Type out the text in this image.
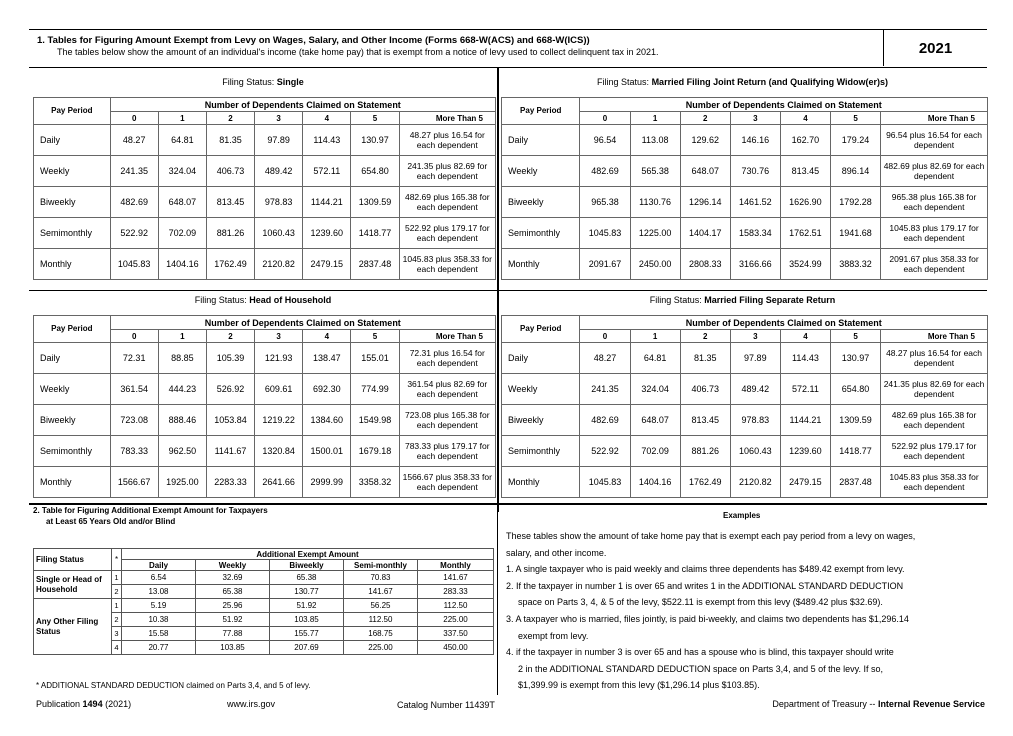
1. Tables for Figuring Amount Exempt from Levy on Wages, Salary, and Other Income (Forms 668-W(ACS) and 668-W(ICS))
The tables below show the amount of an individual's income (take home pay) that is exempt from a notice of levy used to collect delinquent tax in 2021.	2021
Filing Status: Single	Filing Status: Married Filing Joint Return (and Qualifying Widow(er)s)
Filing Status: Head of Household	Filing Status: Married Filing Separate Return
Pay Period	Number of Dependents Claimed on Statement						
	0	1	2	3	4	5	More Than 5
Daily	48.27	64.81	81.35	97.89	114.43	130.97	48.27 plus 16.54 for each dependent
Weekly	241.35	324.04	406.73	489.42	572.11	654.80	241.35 plus 82.69 for each dependent
Biweekly	482.69	648.07	813.45	978.83	1144.21	1309.59	482.69 plus 165.38 for each dependent
Semimonthly	522.92	702.09	881.26	1060.43	1239.60	1418.77	522.92 plus 179.17 for each dependent
Monthly	1045.83	1404.16	1762.49	2120.82	2479.15	2837.48	1045.83 plus 358.33 for each dependent
Pay Period	Number of Dependents Claimed on Statement						
	0	1	2	3	4	5	More Than 5
Daily	96.54	113.08	129.62	146.16	162.70	179.24	96.54 plus 16.54 for each dependent
Weekly	482.69	565.38	648.07	730.76	813.45	896.14	482.69 plus 82.69 for each dependent
Biweekly	965.38	1130.76	1296.14	1461.52	1626.90	1792.28	965.38 plus 165.38 for each dependent
Semimonthly	1045.83	1225.00	1404.17	1583.34	1762.51	1941.68	1045.83 plus 179.17 for each dependent
Monthly	2091.67	2450.00	2808.33	3166.66	3524.99	3883.32	2091.67 plus 358.33 for each dependent
Pay Period	Number of Dependents Claimed on Statement						
	0	1	2	3	4	5	More Than 5
Daily	72.31	88.85	105.39	121.93	138.47	155.01	72.31 plus 16.54 for each dependent
Weekly	361.54	444.23	526.92	609.61	692.30	774.99	361.54 plus 82.69 for each dependent
Biweekly	723.08	888.46	1053.84	1219.22	1384.60	1549.98	723.08 plus 165.38 for each dependent
Semimonthly	783.33	962.50	1141.67	1320.84	1500.01	1679.18	783.33 plus 179.17 for each dependent
Monthly	1566.67	1925.00	2283.33	2641.66	2999.99	3358.32	1566.67 plus 358.33 for each dependent
Pay Period	Number of Dependents Claimed on Statement						
	0	1	2	3	4	5	More Than 5
Daily	48.27	64.81	81.35	97.89	114.43	130.97	48.27 plus 16.54 for each dependent
Weekly	241.35	324.04	406.73	489.42	572.11	654.80	241.35 plus 82.69 for each dependent
Biweekly	482.69	648.07	813.45	978.83	1144.21	1309.59	482.69 plus 165.38 for each dependent
Semimonthly	522.92	702.09	881.26	1060.43	1239.60	1418.77	522.92 plus 179.17 for each dependent
Monthly	1045.83	1404.16	1762.49	2120.82	2479.15	2837.48	1045.83 plus 358.33 for each dependent
2. Table for Figuring Additional Exempt Amount for Taxpayers
at Least 65 Years Old and/or Blind
Filing Status	*	Additional Exempt Amount				
		Daily	Weekly	Biweekly	Semi-monthly	Monthly
Single or Head of Household	1	6.54	32.69	65.38	70.83	141.67
	2	13.08	65.38	130.77	141.67	283.33
Any Other Filing Status	1	5.19	25.96	51.92	56.25	112.50
	2	10.38	51.92	103.85	112.50	225.00
	3	15.58	77.88	155.77	168.75	337.50
	4	20.77	103.85	207.69	225.00	450.00
* ADDITIONAL STANDARD DEDUCTION claimed on Parts 3,4, and 5 of levy.
Examples
These tables show the amount of take home pay that is exempt each pay period from a levy on wages,
salary, and other income.
1. A single taxpayer who is paid weekly and claims three dependents has $489.42 exempt from levy.
2. If the taxpayer in number 1 is over 65 and writes 1 in the ADDITIONAL STANDARD DEDUCTION
space on Parts 3, 4, & 5 of the levy, $522.11 is exempt from this levy ($489.42 plus $32.69).
3. A taxpayer who is married, files jointly, is paid bi-weekly, and claims two dependents has $1,296.14
exempt from levy.
4. if the taxpayer in number 3 is over 65 and has a spouse who is blind, this taxpayer should write
2 in the ADDITIONAL STANDARD DEDUCTION space on Parts 3,4, and 5 of the levy. If so,
$1,399.99 is exempt from this levy ($1,296.14 plus $103.85).
Publication 1494 (2021)	www.irs.gov	Catalog Number 11439T	Department of Treasury -- Internal Revenue Service
